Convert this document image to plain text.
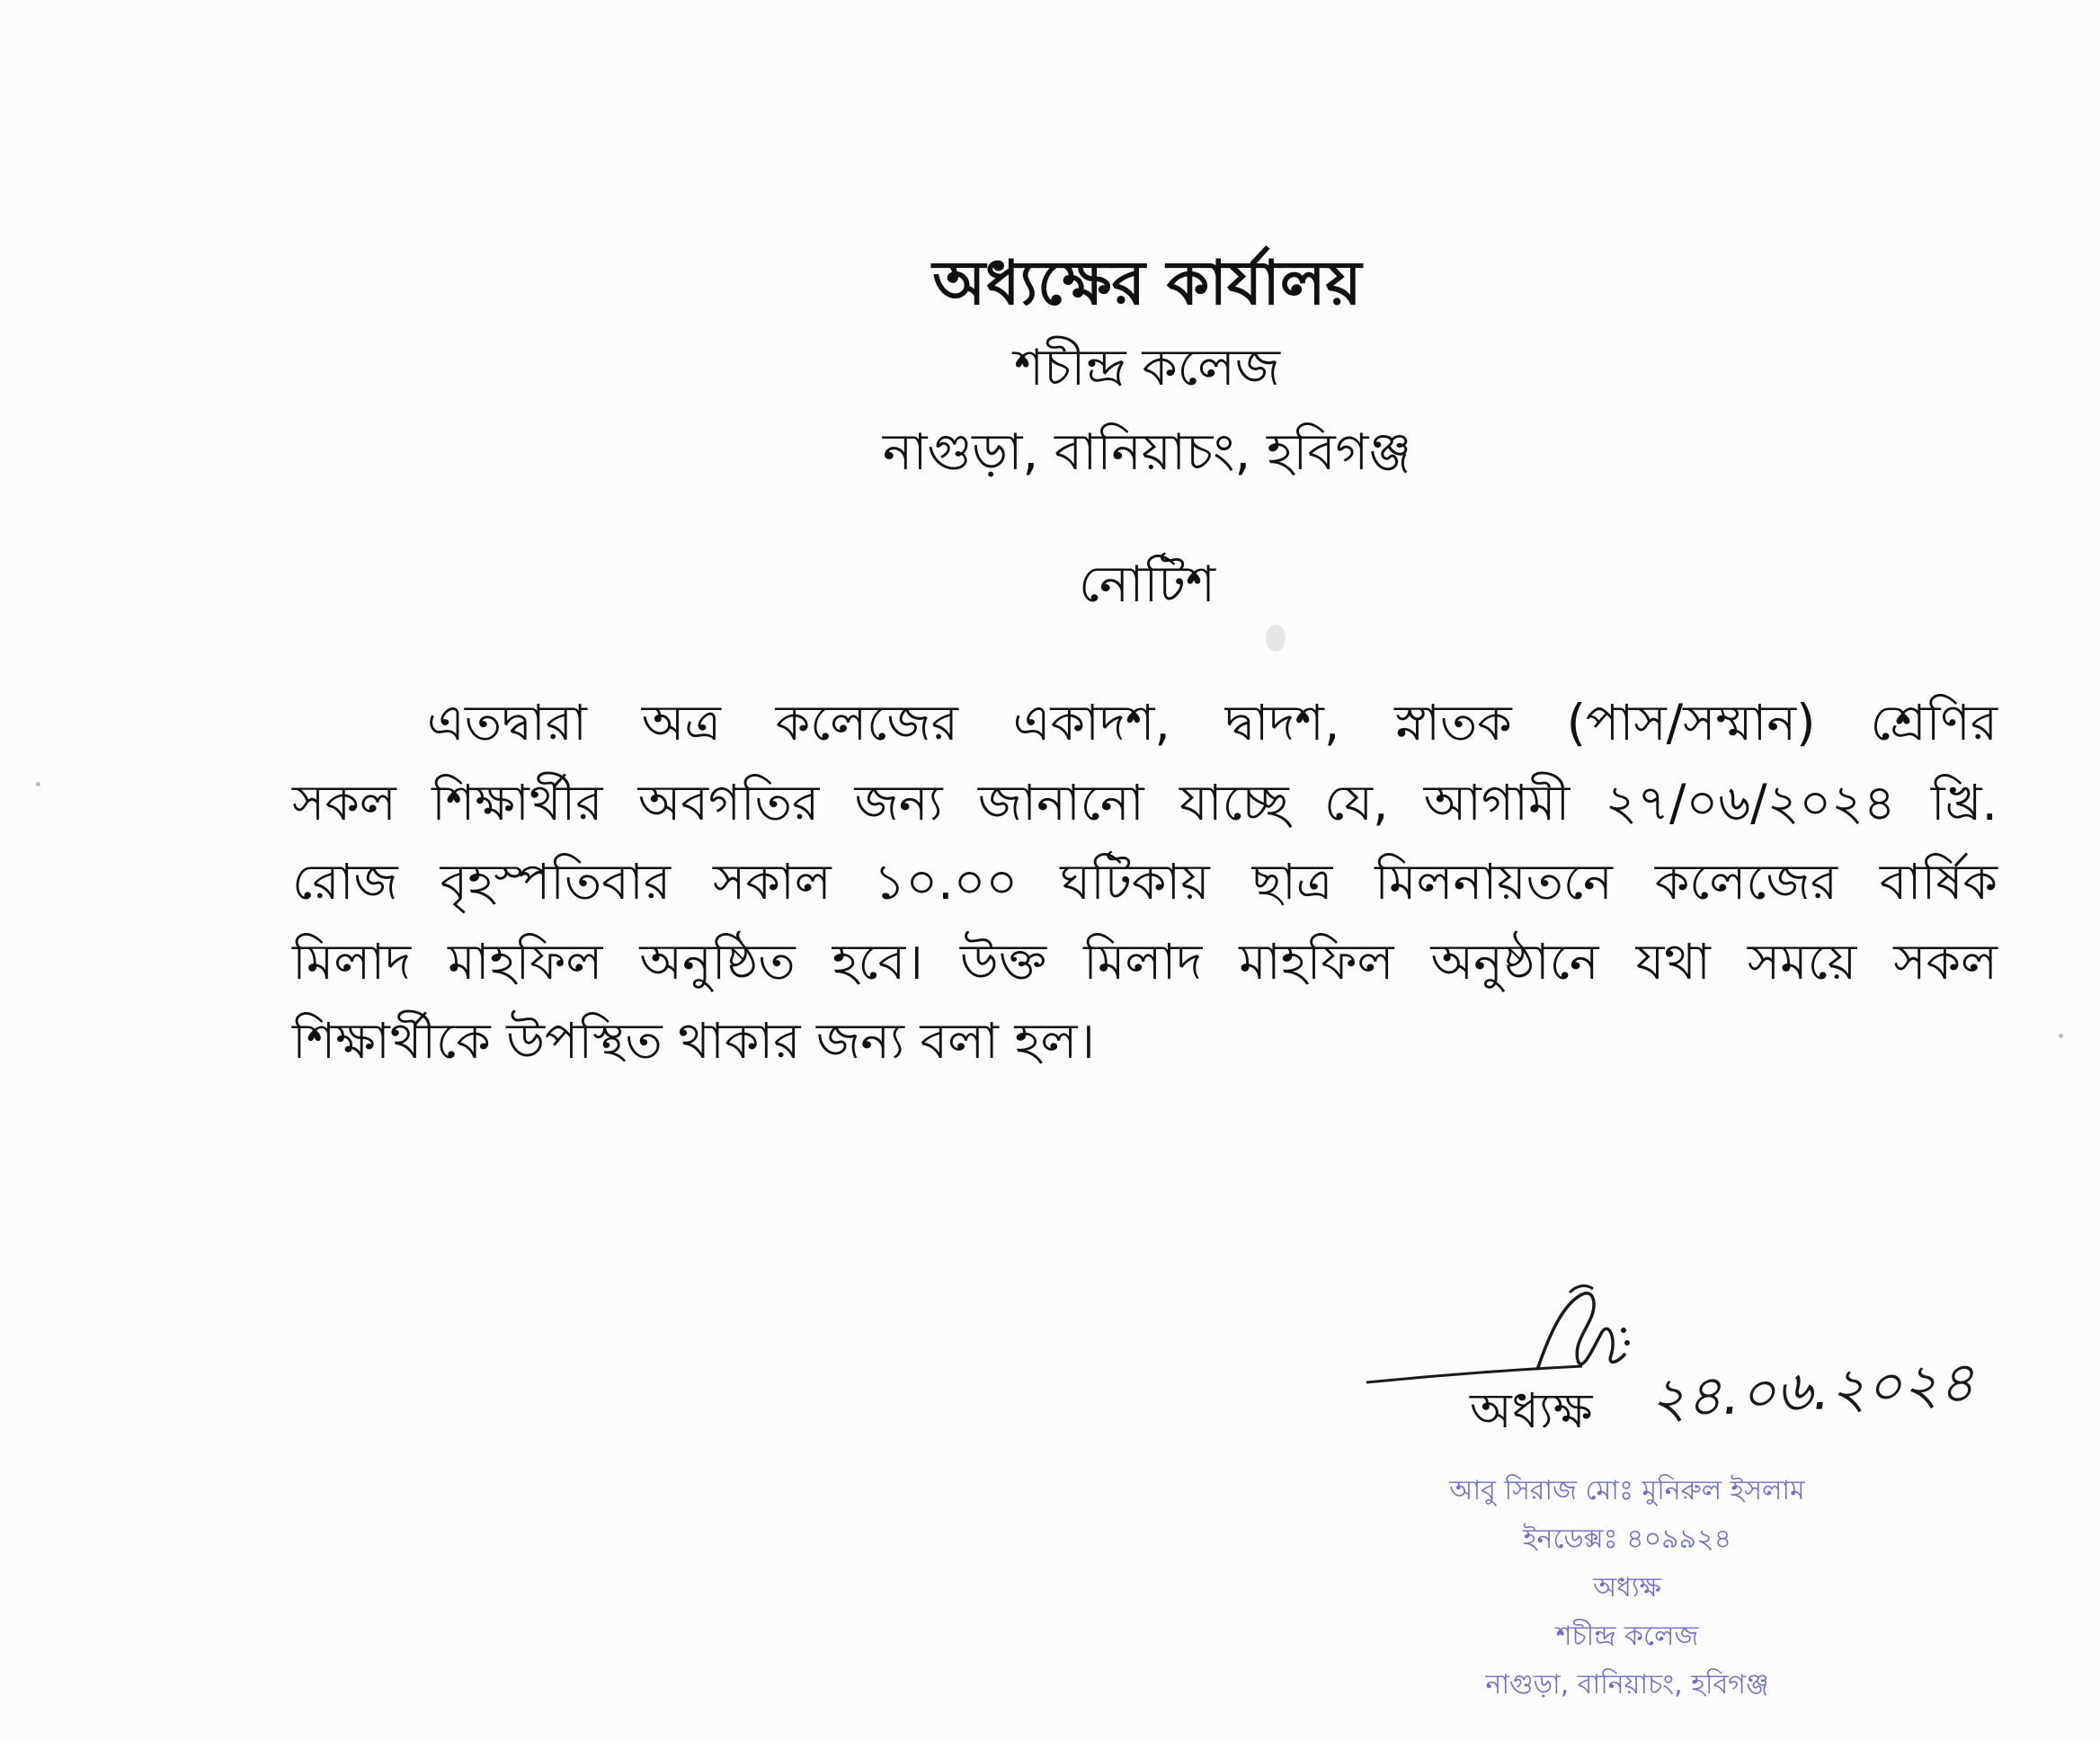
অধ্যক্ষের কার্যালয়
শচীন্দ্র কলেজ
নাগুড়া, বানিয়াচং, হবিগঞ্জ
নোটিশ
এতদ্বারা অত্র কলেজের একাদশ, দ্বাদশ, স্নাতক (পাস/সম্মান) শ্রেণির
সকল শিক্ষার্থীর অবগতির জন্য জানানো যাচ্ছে যে, আগামী ২৭/০৬/২০২৪ খ্রি.
রোজ বৃহস্পতিবার সকাল ১০.০০ ঘটিকায় ছাত্র মিলনায়তনে কলেজের বার্ষিক
মিলাদ মাহফিল অনুষ্ঠিত হবে। উক্ত মিলাদ মাহফিল অনুষ্ঠানে যথা সময়ে সকল
শিক্ষার্থীকে উপস্থিত থাকার জন্য বলা হল।
অধ্যক্ষ ২৪.০৬.২০২৪
আবু সিরাজ মোঃ মুনিরুল ইসলাম
ইনডেক্সঃ ৪০৯৯২৪
অধ্যক্ষ
শচীন্দ্র কলেজ
নাগুড়া, বানিয়াচং, হবিগঞ্জ
